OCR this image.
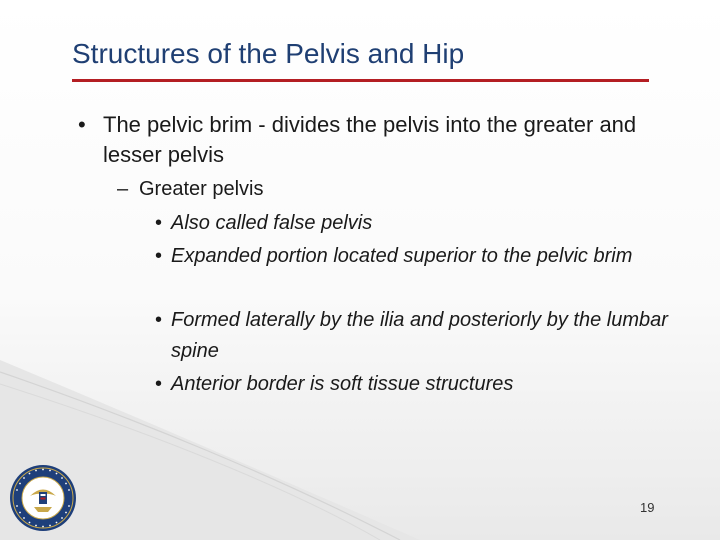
Structures of the Pelvis and Hip
• The pelvic brim - divides the pelvis into the greater and lesser pelvis
– Greater pelvis
• Also called false pelvis
• Expanded portion located superior to the pelvic brim
• Formed laterally by the ilia and posteriorly by the lumbar spine
• Anterior border is soft tissue structures
19
